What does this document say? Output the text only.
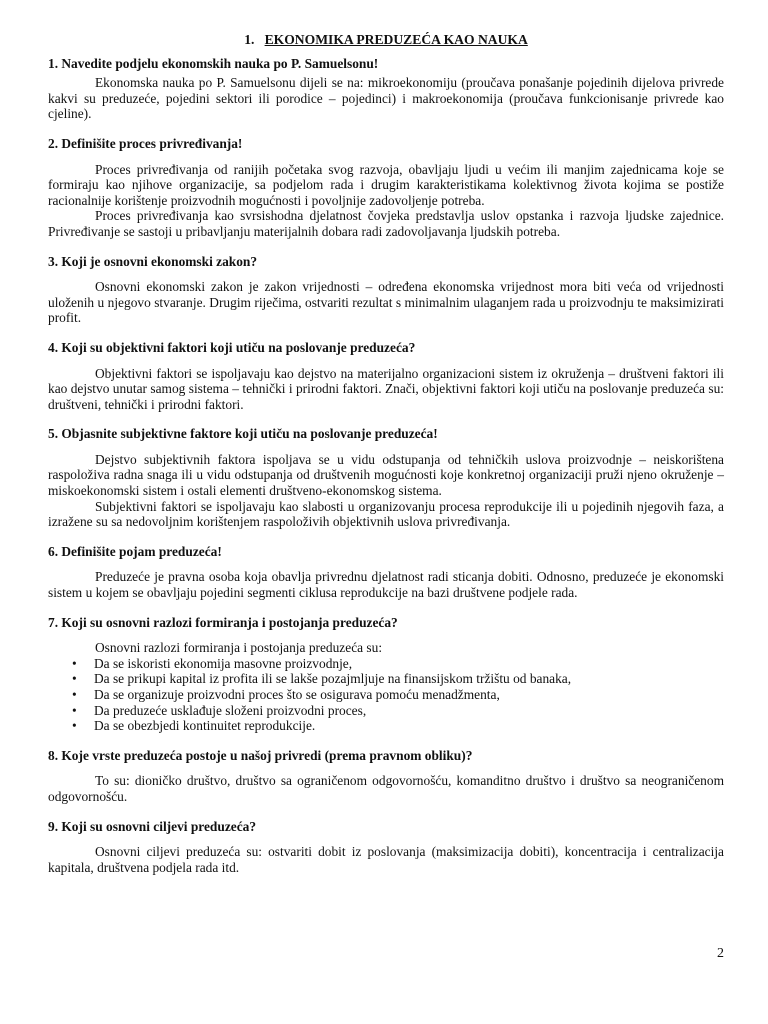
1. EKONOMIKA PREDUZEĆA KAO NAUKA
1. Navedite podjelu ekonomskih nauka po P. Samuelsonu!

Ekonomska nauka po P. Samuelsonu dijeli se na: mikroekonomiju (proučava ponašanje pojedinih dijelova privrede kakvi su preduzeće, pojedini sektori ili porodice – pojedinci) i makroekonomija (proučava funkcionisanje privrede kao cjeline).

2. Definišite proces privređivanja!

Proces privređivanja od ranijih početaka svog razvoja, obavljaju ljudi u većim ili manjim zajednicama koje se formiraju kao njihove organizacije, sa podjelom rada i drugim karakteristikama kolektivnog života kojima se postiže racionalnije korištenje proizvodnih mogućnosti i povoljnije zadovoljenje potreba.

Proces privređivanja kao svrsishodna djelatnost čovjeka predstavlja uslov opstanka i razvoja ljudske zajednice. Privređivanje se sastoji u pribavljanju materijalnih dobara radi zadovoljavanja ljudskih potreba.

3. Koji je osnovni ekonomski zakon?

Osnovni ekonomski zakon je zakon vrijednosti – određena ekonomska vrijednost mora biti veća od vrijednosti uloženih u njegovo stvaranje. Drugim riječima, ostvariti rezultat s minimalnim ulaganjem rada u proizvodnju te maksimizirati profit.

4. Koji su objektivni faktori koji utiču na poslovanje preduzeća?

Objektivni faktori se ispoljavaju kao dejstvo na materijalno organizacioni sistem iz okruženja – društveni faktori ili kao dejstvo unutar samog sistema – tehnički i prirodni faktori. Znači, objektivni faktori koji utiču na poslovanje preduzeća su: društveni, tehnički i prirodni faktori.

5. Objasnite subjektivne faktore koji utiču na poslovanje preduzeća!

Dejstvo subjektivnih faktora ispoljava se u vidu odstupanja od tehničkih uslova proizvodnje – neiskorištena raspoloživa radna snaga ili u vidu odstupanja od društvenih mogućnosti koje konkretnoj organizaciji pruži njeno okruženje – miskoekonomski sistem i ostali elementi društveno-ekonomskog sistema.

Subjektivni faktori se ispoljavaju kao slabosti u organizovanju procesa reprodukcije ili u pojedinih njegovih faza, a izražene su sa nedovoljnim korištenjem raspoloživih objektivnih uslova privređivanja.

6. Definišite pojam preduzeća!

Preduzeće je pravna osoba koja obavlja privrednu djelatnost radi sticanja dobiti. Odnosno, preduzeće je ekonomski sistem u kojem se obavljaju pojedini segmenti ciklusa reprodukcije na bazi društvene podjele rada.

7. Koji su osnovni razlozi formiranja i postojanja preduzeća?

Osnovni razlozi formiranja i postojanja preduzeća su:

• Da se iskoristi ekonomija masovne proizvodnje,
• Da se prikupi kapital iz profita ili se lakše pozajmljuje na finansijskom tržištu od banaka,
• Da se organizuje proizvodni proces što se osigurava pomoću menadžmenta,
• Da preduzeće usklađuje složeni proizvodni proces,
• Da se obezbjedi kontinuitet reprodukcije.
8. Koje vrste preduzeća postoje u našoj privredi (prema pravnom obliku)?

To su: dioničko društvo, društvo sa ograničenom odgovornošću, komanditno društvo i društvo sa neograničenom odgovornošću.

9. Koji su osnovni ciljevi preduzeća?

Osnovni ciljevi preduzeća su: ostvariti dobit iz poslovanja (maksimizacija dobiti), koncentracija i centralizacija kapitala, društvena podjela rada itd.

2
